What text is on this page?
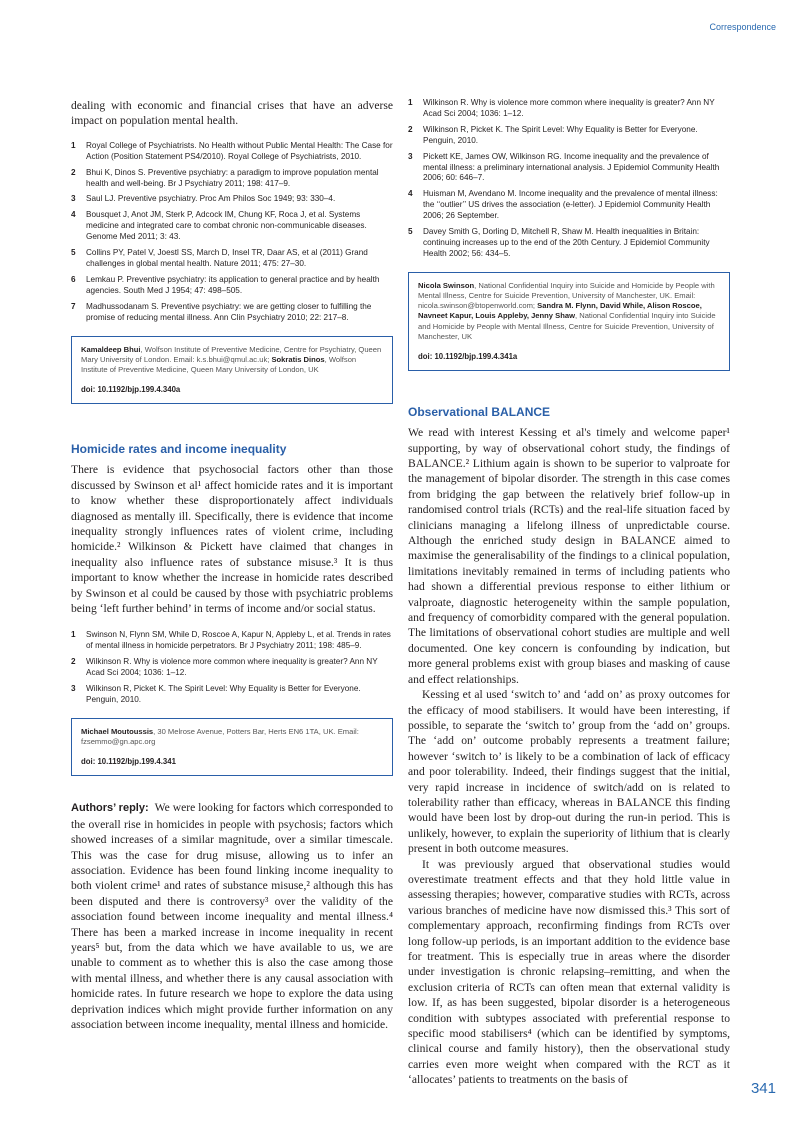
Correspondence

dealing with economic and financial crises that have an adverse impact on population mental health.

1 Royal College of Psychiatrists. No Health without Public Mental Health: The Case for Action (Position Statement PS4/2010). Royal College of Psychiatrists, 2010.
2 Bhui K, Dinos S. Preventive psychiatry: a paradigm to improve population mental health and well-being. Br J Psychiatry 2011; 198: 417–9.
3 Saul LJ. Preventive psychiatry. Proc Am Philos Soc 1949; 93: 330–4.
4 Bousquet J, Anot JM, Sterk P, Adcock IM, Chung KF, Roca J, et al. Systems medicine and integrated care to combat chronic non-communicable diseases. Genome Med 2011; 3: 43.
5 Collins PY, Patel V, Joestl SS, March D, Insel TR, Daar AS, et al (2011) Grand challenges in global mental health. Nature 2011; 475: 27–30.
6 Lemkau P. Preventive psychiatry: its application to general practice and by health agencies. South Med J 1954; 47: 498–505.
7 Madhussodanam S. Preventive psychiatry: we are getting closer to fulfilling the promise of reducing mental illness. Ann Clin Psychiatry 2010; 22: 217–8.
Kamaldeep Bhui, Wolfson Institute of Preventive Medicine, Centre for Psychiatry, Queen Mary University of London. Email: k.s.bhui@qmul.ac.uk; Sokratis Dinos, Wolfson Institute of Preventive Medicine, Queen Mary University of London, UK
doi: 10.1192/bjp.199.4.340a
Homicide rates and income inequality

There is evidence that psychosocial factors other than those discussed by Swinson et al¹ affect homicide rates and it is important to know whether these disproportionately affect individuals diagnosed as mentally ill. Specifically, there is evidence that income inequality strongly influences rates of violent crime, including homicide.² Wilkinson & Pickett have claimed that changes in inequality also influence rates of substance misuse.³ It is thus important to know whether the increase in homicide rates described by Swinson et al could be caused by those with psychiatric problems being ‘left further behind’ in terms of income and/or social status.

1 Swinson N, Flynn SM, While D, Roscoe A, Kapur N, Appleby L, et al. Trends in rates of mental illness in homicide perpetrators. Br J Psychiatry 2011; 198: 485–9.
2 Wilkinson R. Why is violence more common where inequality is greater? Ann NY Acad Sci 2004; 1036: 1–12.
3 Wilkinson R, Picket K. The Spirit Level: Why Equality is Better for Everyone. Penguin, 2010.
Michael Moutoussis, 30 Melrose Avenue, Potters Bar, Herts EN6 1TA, UK. Email: fzsemmo@gn.apc.org
doi: 10.1192/bjp.199.4.341

Authors’ reply: We were looking for factors which corresponded to the overall rise in homicides in people with psychosis; factors which showed increases of a similar magnitude, over a similar timescale. This was the case for drug misuse, allowing us to infer an association. Evidence has been found linking income inequality to both violent crime¹ and rates of substance misuse,² although this has been disputed and there is controversy³ over the validity of the association found between income inequality and mental illness.⁴ There has been a marked increase in income inequality in recent years⁵ but, from the data which we have available to us, we are unable to comment as to whether this is also the case among those with mental illness, and whether there is any causal association with homicide rates. In future research we hope to explore the data using deprivation indices which might provide further information on any association between income inequality, mental illness and homicide.

1 Wilkinson R. Why is violence more common where inequality is greater? Ann NY Acad Sci 2004; 1036: 1–12.
2 Wilkinson R, Picket K. The Spirit Level: Why Equality is Better for Everyone. Penguin, 2010.
3 Pickett KE, James OW, Wilkinson RG. Income inequality and the prevalence of mental illness: a preliminary international analysis. J Epidemiol Community Health 2006; 60: 646–7.
4 Huisman M, Avendano M. Income inequality and the prevalence of mental illness: the ‘‘outlier’’ US drives the association (e-letter). J Epidemiol Community Health 2006; 26 September.
5 Davey Smith G, Dorling D, Mitchell R, Shaw M. Health inequalities in Britain: continuing increases up to the end of the 20th Century. J Epidemiol Community Health 2002; 56: 434–5.
Nicola Swinson, National Confidential Inquiry into Suicide and Homicide by People with Mental Illness, Centre for Suicide Prevention, University of Manchester, UK. Email: nicola.swinson@btopenworld.com; Sandra M. Flynn, David While, Alison Roscoe, Navneet Kapur, Louis Appleby, Jenny Shaw, National Confidential Inquiry into Suicide and Homicide by People with Mental Illness, Centre for Suicide Prevention, University of Manchester, UK
doi: 10.1192/bjp.199.4.341a
Observational BALANCE

We read with interest Kessing et al's timely and welcome paper¹ supporting, by way of observational cohort study, the findings of BALANCE.² Lithium again is shown to be superior to valproate for the management of bipolar disorder. The strength in this case comes from bridging the gap between the relatively brief follow-up in randomised control trials (RCTs) and the real-life situation faced by clinicians managing a lifelong illness of unpredictable course. Although the enriched study design in BALANCE aimed to maximise the generalisability of the findings to a clinical population, limitations inevitably remained in terms of including patients who had shown a differential previous response to either lithium or valproate, diagnostic heterogeneity within the sample population, and frequency of comorbidity compared with the general population. The limitations of observational cohort studies are multiple and well documented. One key concern is confounding by indication, but more general problems exist with group biases and masking of cause and effect relationships.

Kessing et al used ‘switch to’ and ‘add on’ as proxy outcomes for the efficacy of mood stabilisers. It would have been interesting, if possible, to separate the ‘switch to’ group from the ‘add on’ groups. The ‘add on’ outcome probably represents a treatment failure; however ‘switch to’ is likely to be a combination of lack of efficacy and poor tolerability. Indeed, their findings suggest that the initial, very rapid increase in incidence of switch/add on is related to tolerability rather than efficacy, whereas in BALANCE this finding would have been lost by drop-out during the run-in period. This is unlikely, however, to explain the superiority of lithium that is clearly present in both outcome measures.

It was previously argued that observational studies would overestimate treatment effects and that they hold little value in assessing therapies; however, comparative studies with RCTs, across various branches of medicine have now dismissed this.³ This sort of complementary approach, reconfirming findings from RCTs over long follow-up periods, is an important addition to the evidence base for treatment. This is especially true in areas where the disorder under investigation is chronic relapsing–remitting, and when the exclusion criteria of RCTs can often mean that external validity is low. If, as has been suggested, bipolar disorder is a heterogeneous condition with subtypes associated with preferential response to specific mood stabilisers⁴ (which can be identified by symptoms, clinical course and family history), then the observational study carries even more weight when compared with the RCT as it ‘allocates’ patients to treatments on the basis of

341
